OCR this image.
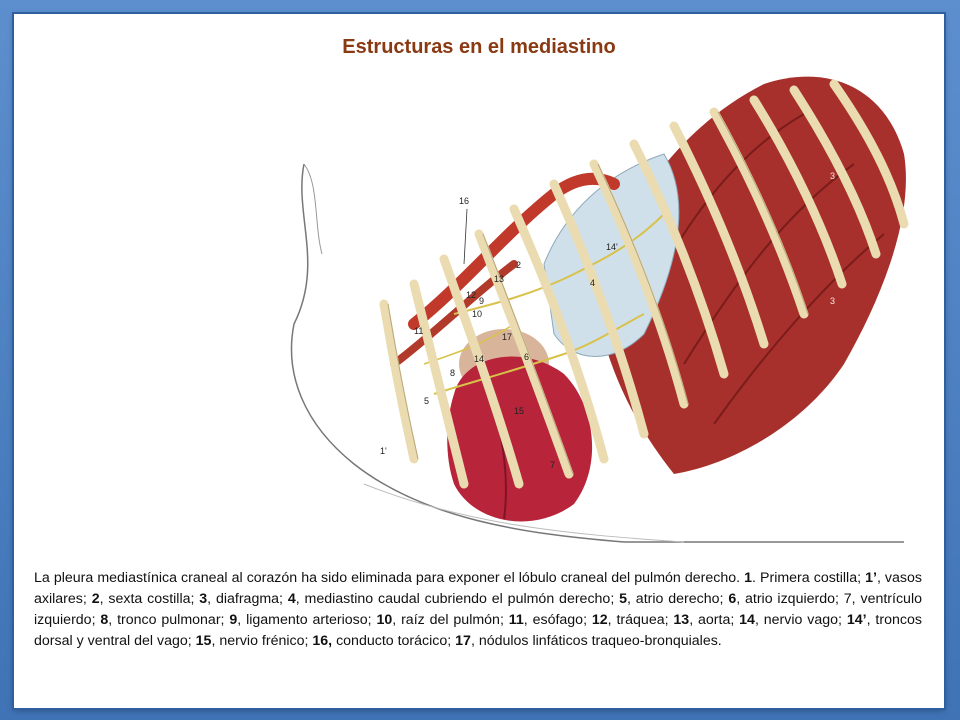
Estructuras en el mediastino
16
14'
4
3
3
2
13
12
9
10
11
14	6
8
5
15
7
1'
17
La pleura mediastínica craneal al corazón ha sido eliminada para exponer el lóbulo craneal del pulmón derecho. 1. Primera costilla; 1’, vasos axilares; 2, sexta costilla; 3, diafragma; 4, mediastino caudal cubriendo el pulmón derecho; 5, atrio derecho; 6, atrio izquierdo; 7, ventrículo izquierdo; 8, tronco pulmonar; 9, ligamento arterioso; 10, raíz del pulmón; 11, esófago; 12, tráquea; 13, aorta; 14, nervio vago; 14’, troncos dorsal y ventral del vago; 15, nervio frénico; 16, conducto torácico; 17, nódulos linfáticos traqueo-bronquiales.
